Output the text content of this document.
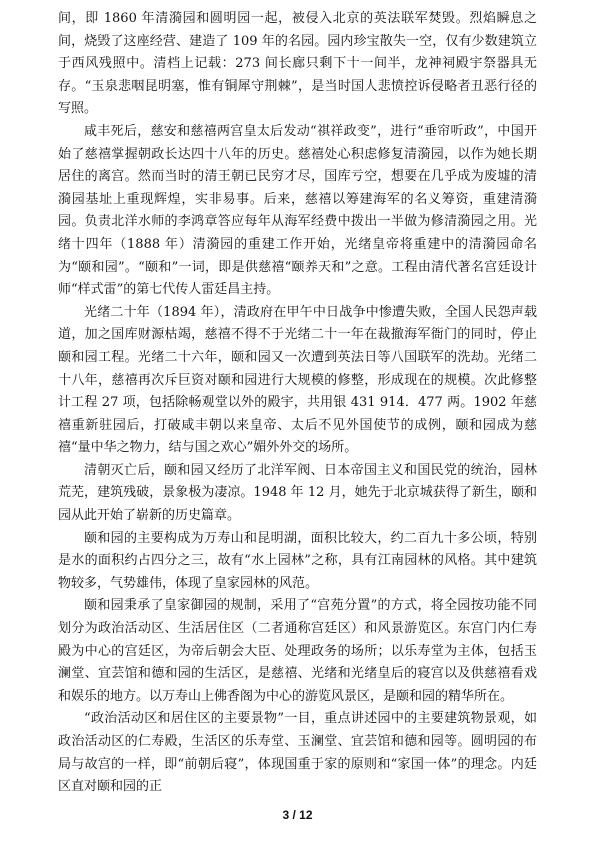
间，即 1860 年清漪园和圆明园一起，被侵入北京的英法联军焚毁。烈焰瞬息之间，烧毁了这座经营、建造了 109 年的名园。园内珍宝散失一空，仅有少数建筑立于西风残照中。清档上记载：273 间长廊只剩下十一间半，龙神祠殿宇祭器具无存。“玉泉悲咽昆明塞，惟有铜犀守荆棘”，是当时国人悲愤控诉侵略者丑恶行径的写照。

咸丰死后，慈安和慈禧两宫皇太后发动“祺祥政变”，进行“垂帘听政”，中国开始了慈禧掌握朝政长达四十八年的历史。慈禧处心积虑修复清漪园，以作为她长期居住的离宫。然而当时的清王朝已民穷才尽，国库亏空，想要在几乎成为废墟的清漪园基址上重现辉煌，实非易事。后来，慈禧以筹建海军的名义筹资，重建清漪园。负责北洋水师的李鸿章答应每年从海军经费中拨出一半做为修清漪园之用。光绪十四年（1888 年）清漪园的重建工作开始，光绪皇帝将重建中的清漪园命名为“颐和园”。“颐和”一词，即是供慈禧“颐养天和”之意。工程由清代著名宫廷设计师“样式雷”的第七代传人雷廷昌主持。

光绪二十年（1894 年），清政府在甲午中日战争中惨遭失败，全国人民怨声载道，加之国库财源枯竭，慈禧不得不于光绪二十一年在裁撤海军衙门的同时，停止颐和园工程。光绪二十六年，颐和园又一次遭到英法日等八国联军的洗劫。光绪二十八年，慈禧再次斥巨资对颐和园进行大规模的修整，形成现在的规模。次此修整计工程 27 项，包括除畅观堂以外的殿宇，共用银 431 914．477 两。1902 年慈禧重新驻园后，打破咸丰朝以来皇帝、太后不见外国使节的成例，颐和园成为慈禧“量中华之物力，结与国之欢心”媚外外交的场所。

清朝灭亡后，颐和园又经历了北洋军阀、日本帝国主义和国民党的统治，园林荒芜，建筑残破，景象极为凄凉。1948 年 12 月，她先于北京城获得了新生，颐和园从此开始了崭新的历史篇章。

颐和园的主要构成为万寿山和昆明湖，面积比较大，约二百九十多公顷，特别是水的面积约占四分之三，故有“水上园林”之称，具有江南园林的风格。其中建筑物较多，气势雄伟，体现了皇家园林的风范。

颐和园秉承了皇家御园的规制，采用了“宫苑分置”的方式，将全园按功能不同划分为政治活动区、生活居住区（二者通称宫廷区）和风景游览区。东宫门内仁寿殿为中心的宫廷区，为帝后朝会大臣、处理政务的场所；以乐寿堂为主体，包括玉澜堂、宜芸馆和德和园的生活区，是慈禧、光绪和光绪皇后的寝宫以及供慈禧看戏和娱乐的地方。以万寿山上佛香阁为中心的游览风景区，是颐和园的精华所在。

“政治活动区和居住区的主要景物”一目，重点讲述园中的主要建筑物景观，如政治活动区的仁寿殿，生活区的乐寿堂、玉澜堂、宜芸馆和德和园等。圆明园的布局与故宫的一样，即“前朝后寝”，体现国重于家的原则和“家国一体”的理念。内廷区直对颐和园的正

3 / 12
